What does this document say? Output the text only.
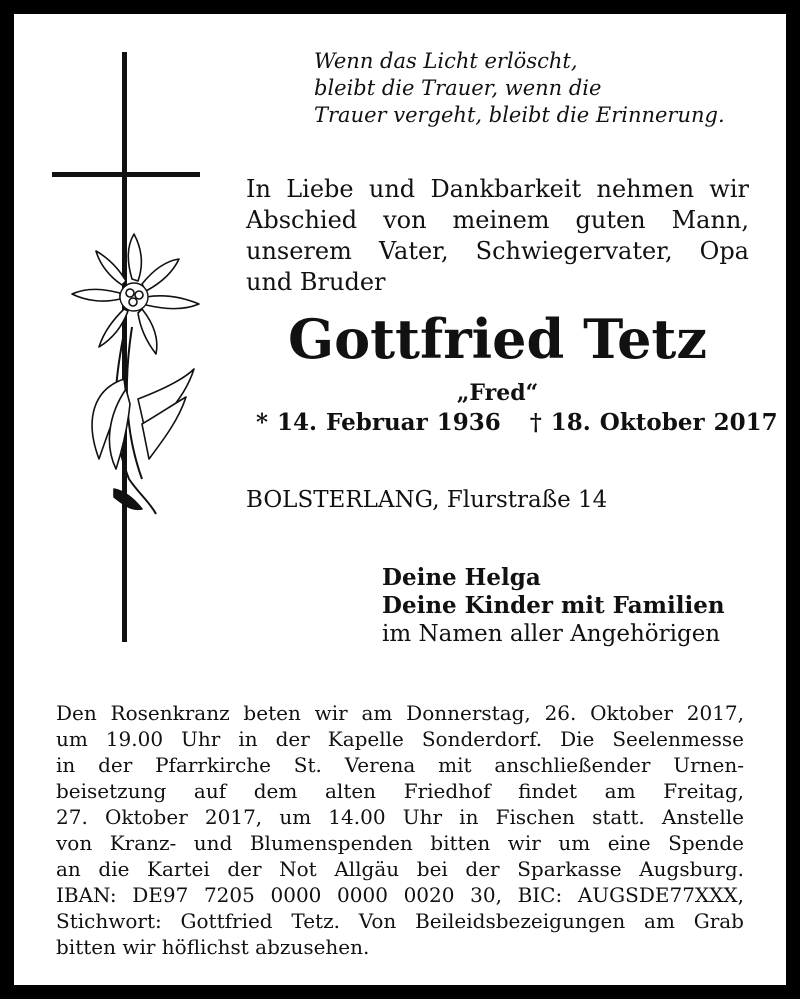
Wenn das Licht erlöscht,
bleibt die Trauer, wenn die
Trauer vergeht, bleibt die Erinnerung.
In Liebe und Dankbarkeit nehmen wir
Abschied von meinem guten Mann,
unserem Vater, Schwiegervater, Opa
und Bruder
Gottfried Tetz
„Fred“
* 14. Februar 1936 † 18. Oktober 2017
BOLSTERLANG, Flurstraße 14
Deine Helga
Deine Kinder mit Familien
im Namen aller Angehörigen
Den Rosenkranz beten wir am Donnerstag, 26. Oktober 2017,
um 19.00 Uhr in der Kapelle Sonderdorf. Die Seelenmesse
in der Pfarrkirche St. Verena mit anschließender Urnen-
beisetzung auf dem alten Friedhof findet am Freitag,
27. Oktober 2017, um 14.00 Uhr in Fischen statt. Anstelle
von Kranz- und Blumenspenden bitten wir um eine Spende
an die Kartei der Not Allgäu bei der Sparkasse Augsburg.
IBAN: DE97 7205 0000 0000 0020 30, BIC: AUGSDE77XXX,
Stichwort: Gottfried Tetz. Von Beileidsbezeigungen am Grab
bitten wir höflichst abzusehen.
